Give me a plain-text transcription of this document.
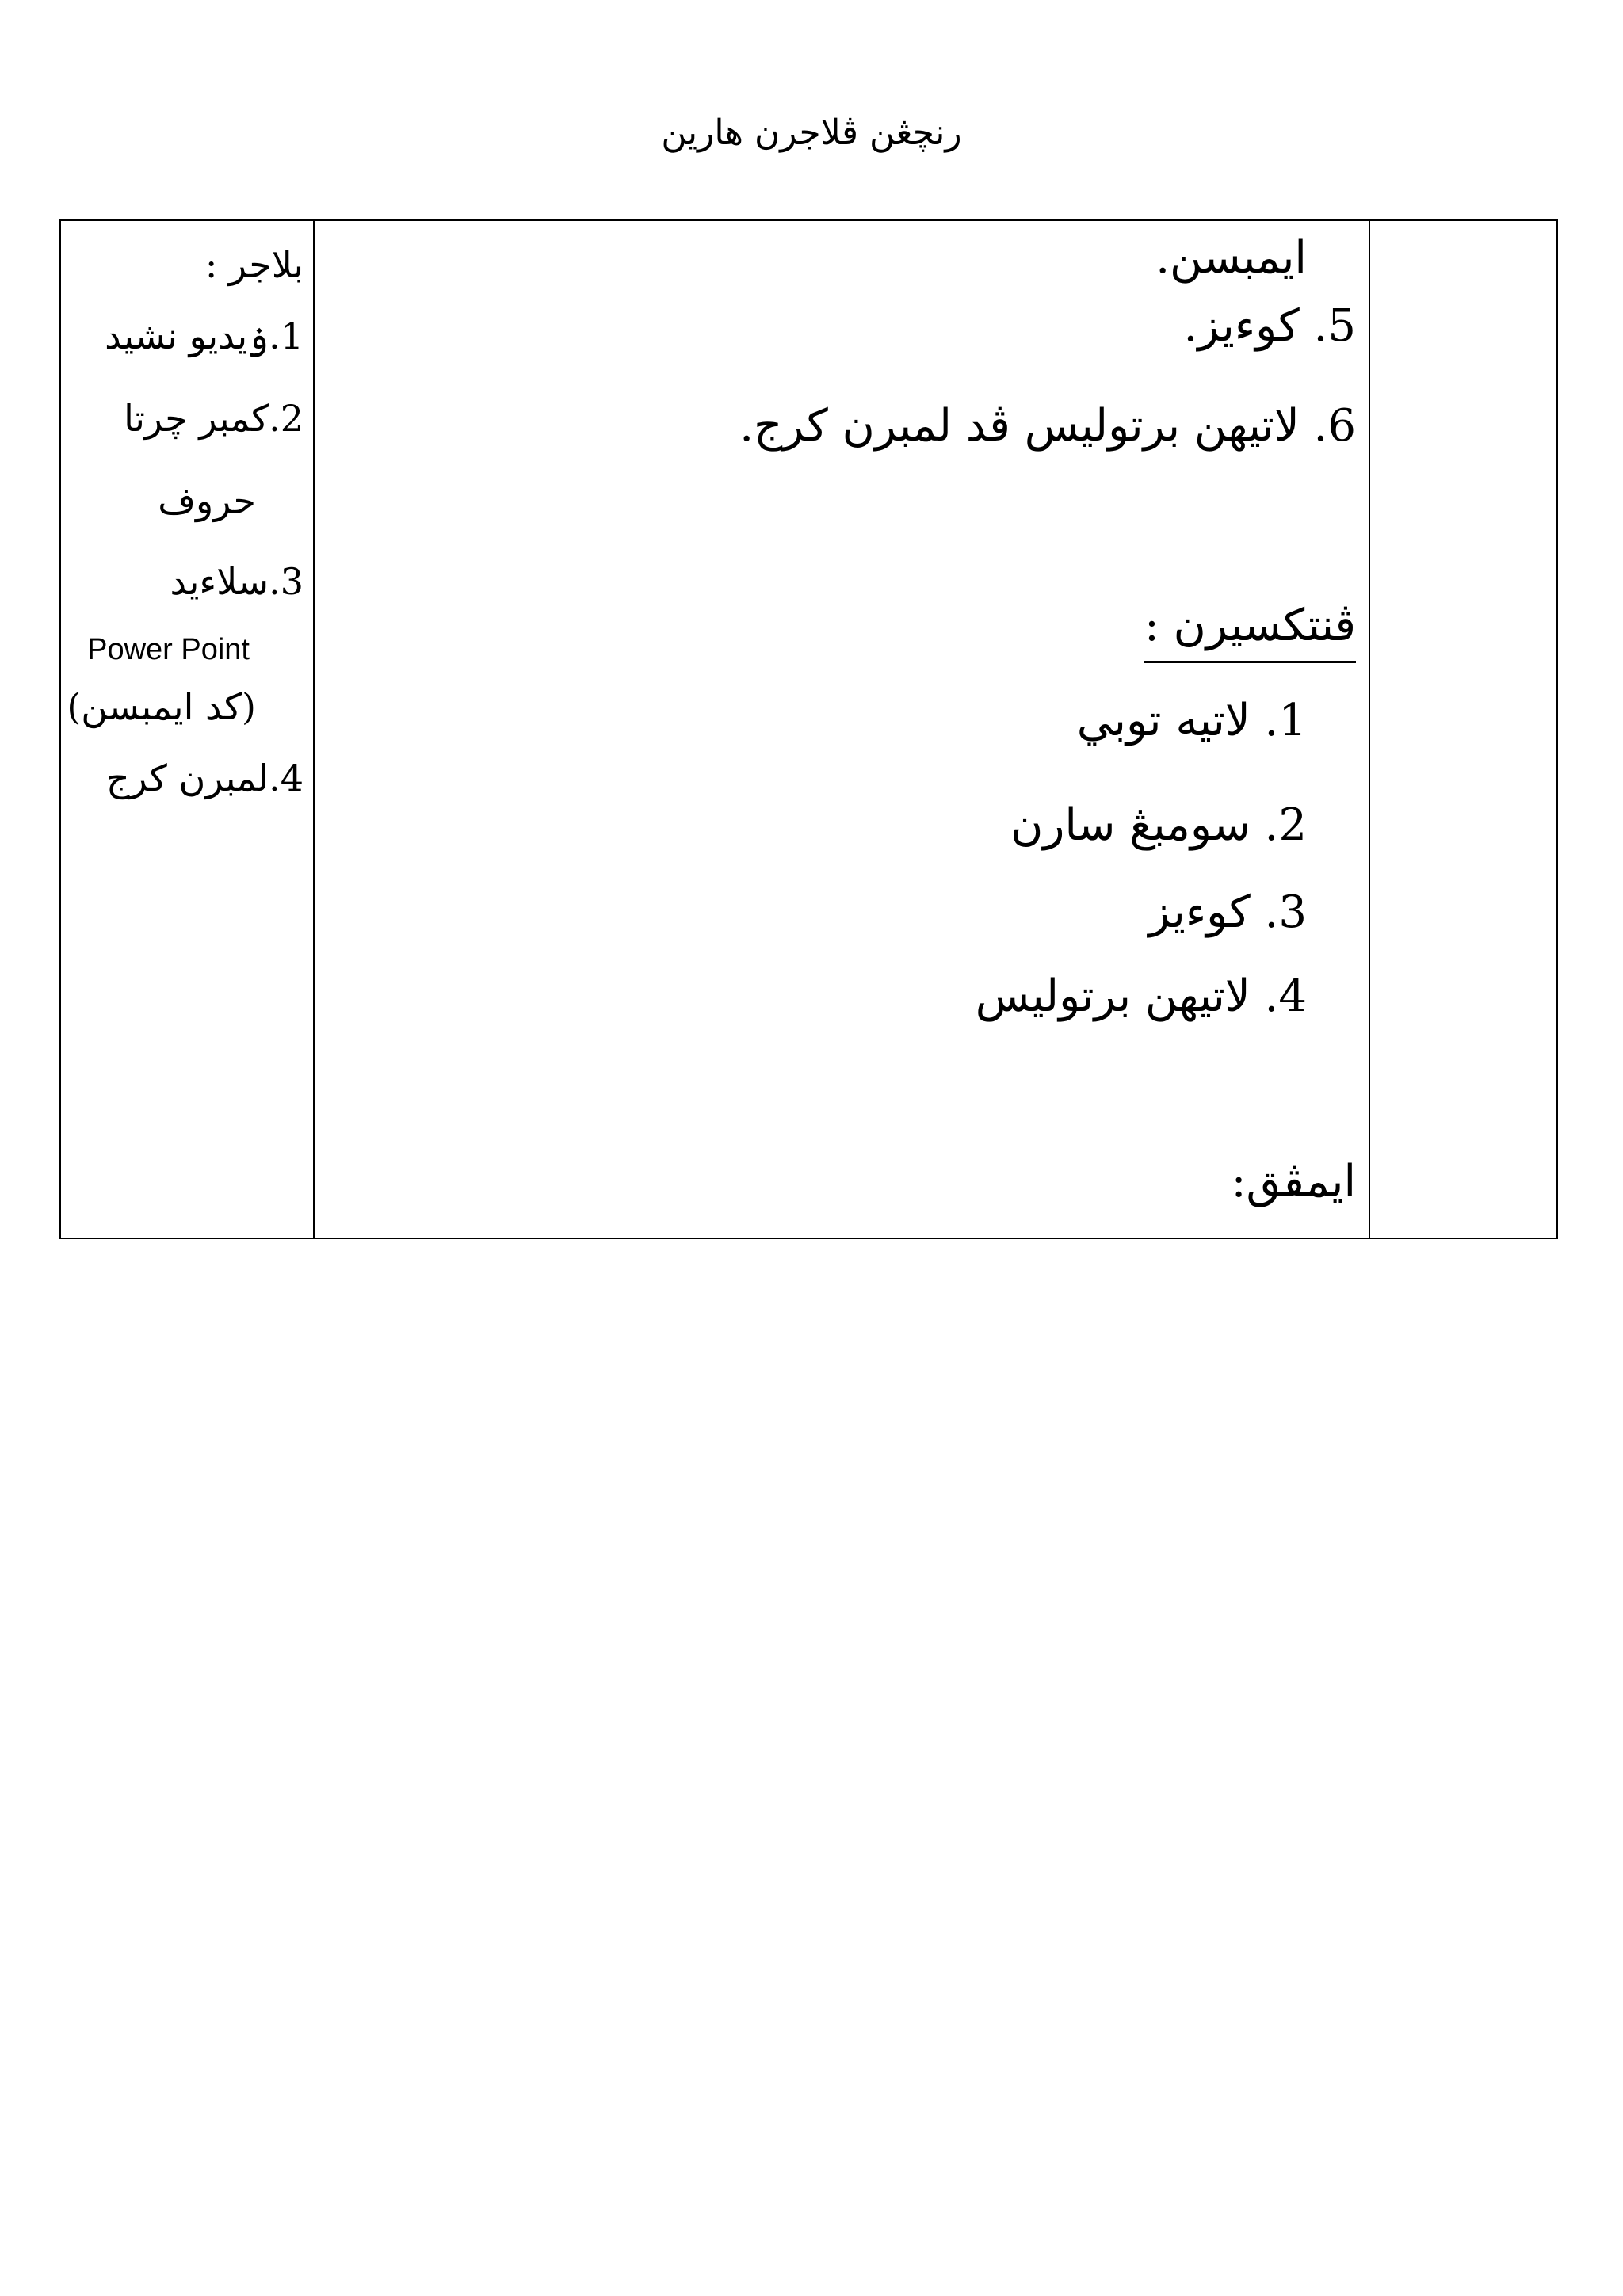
رنچڠن ڤلاجرن هارين
بلاجر :
1.ۏيديو نشيد
2.كمبر چرتا
حروف
3.سلاءيد
Power Point
(كد ايمبسن)
4.لمبرن كرج

ايمبسن.
5. كوءيز.
6. لاتيهن برتوليس ڤد لمبرن كرج.
ڤنتكسيرن :
1. لاتيه توبي
2. سومبڠ سارن
3. كوءيز
4. لاتيهن برتوليس
ايمڤق:
